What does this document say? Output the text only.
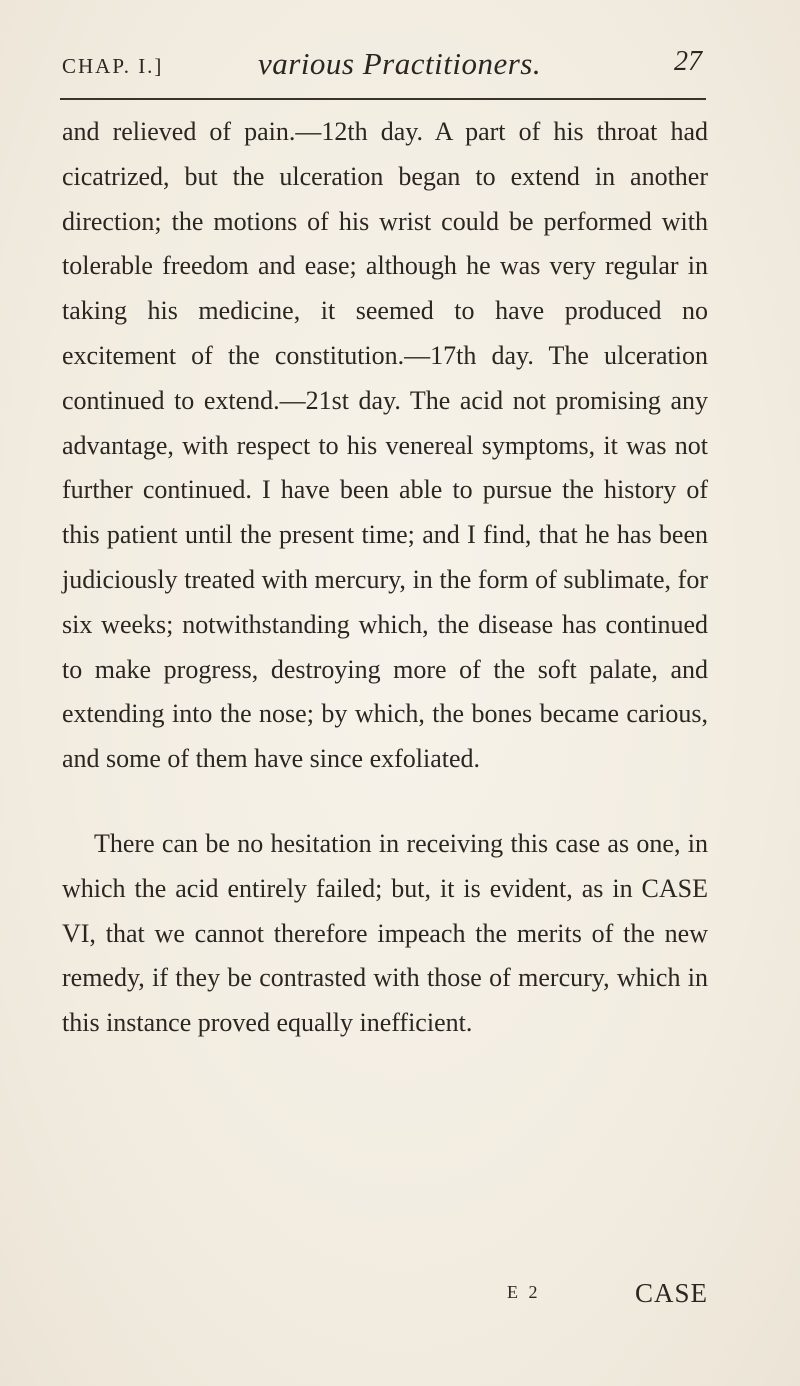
CHAP. I.]	various Practitioners.	27

and relieved of pain.—12th day. A part of his throat had cicatrized, but the ulceration began to extend in another direction; the motions of his wrist could be performed with tolerable freedom and ease; although he was very regular in taking his medicine, it seemed to have produced no excitement of the constitution.—17th day. The ulceration continued to extend.—21st day. The acid not promising any advantage, with respect to his venereal symptoms, it was not further continued. I have been able to pursue the history of this patient until the present time; and I find, that he has been judiciously treated with mercury, in the form of sublimate, for six weeks; notwithstanding which, the disease has continued to make progress, destroying more of the soft palate, and extending into the nose; by which, the bones became carious, and some of them have since exfoliated.

There can be no hesitation in receiving this case as one, in which the acid entirely failed; but, it is evident, as in CASE VI, that we cannot therefore impeach the merits of the new remedy, if they be contrasted with those of mercury, which in this instance proved equally inefficient.

E 2	CASE
